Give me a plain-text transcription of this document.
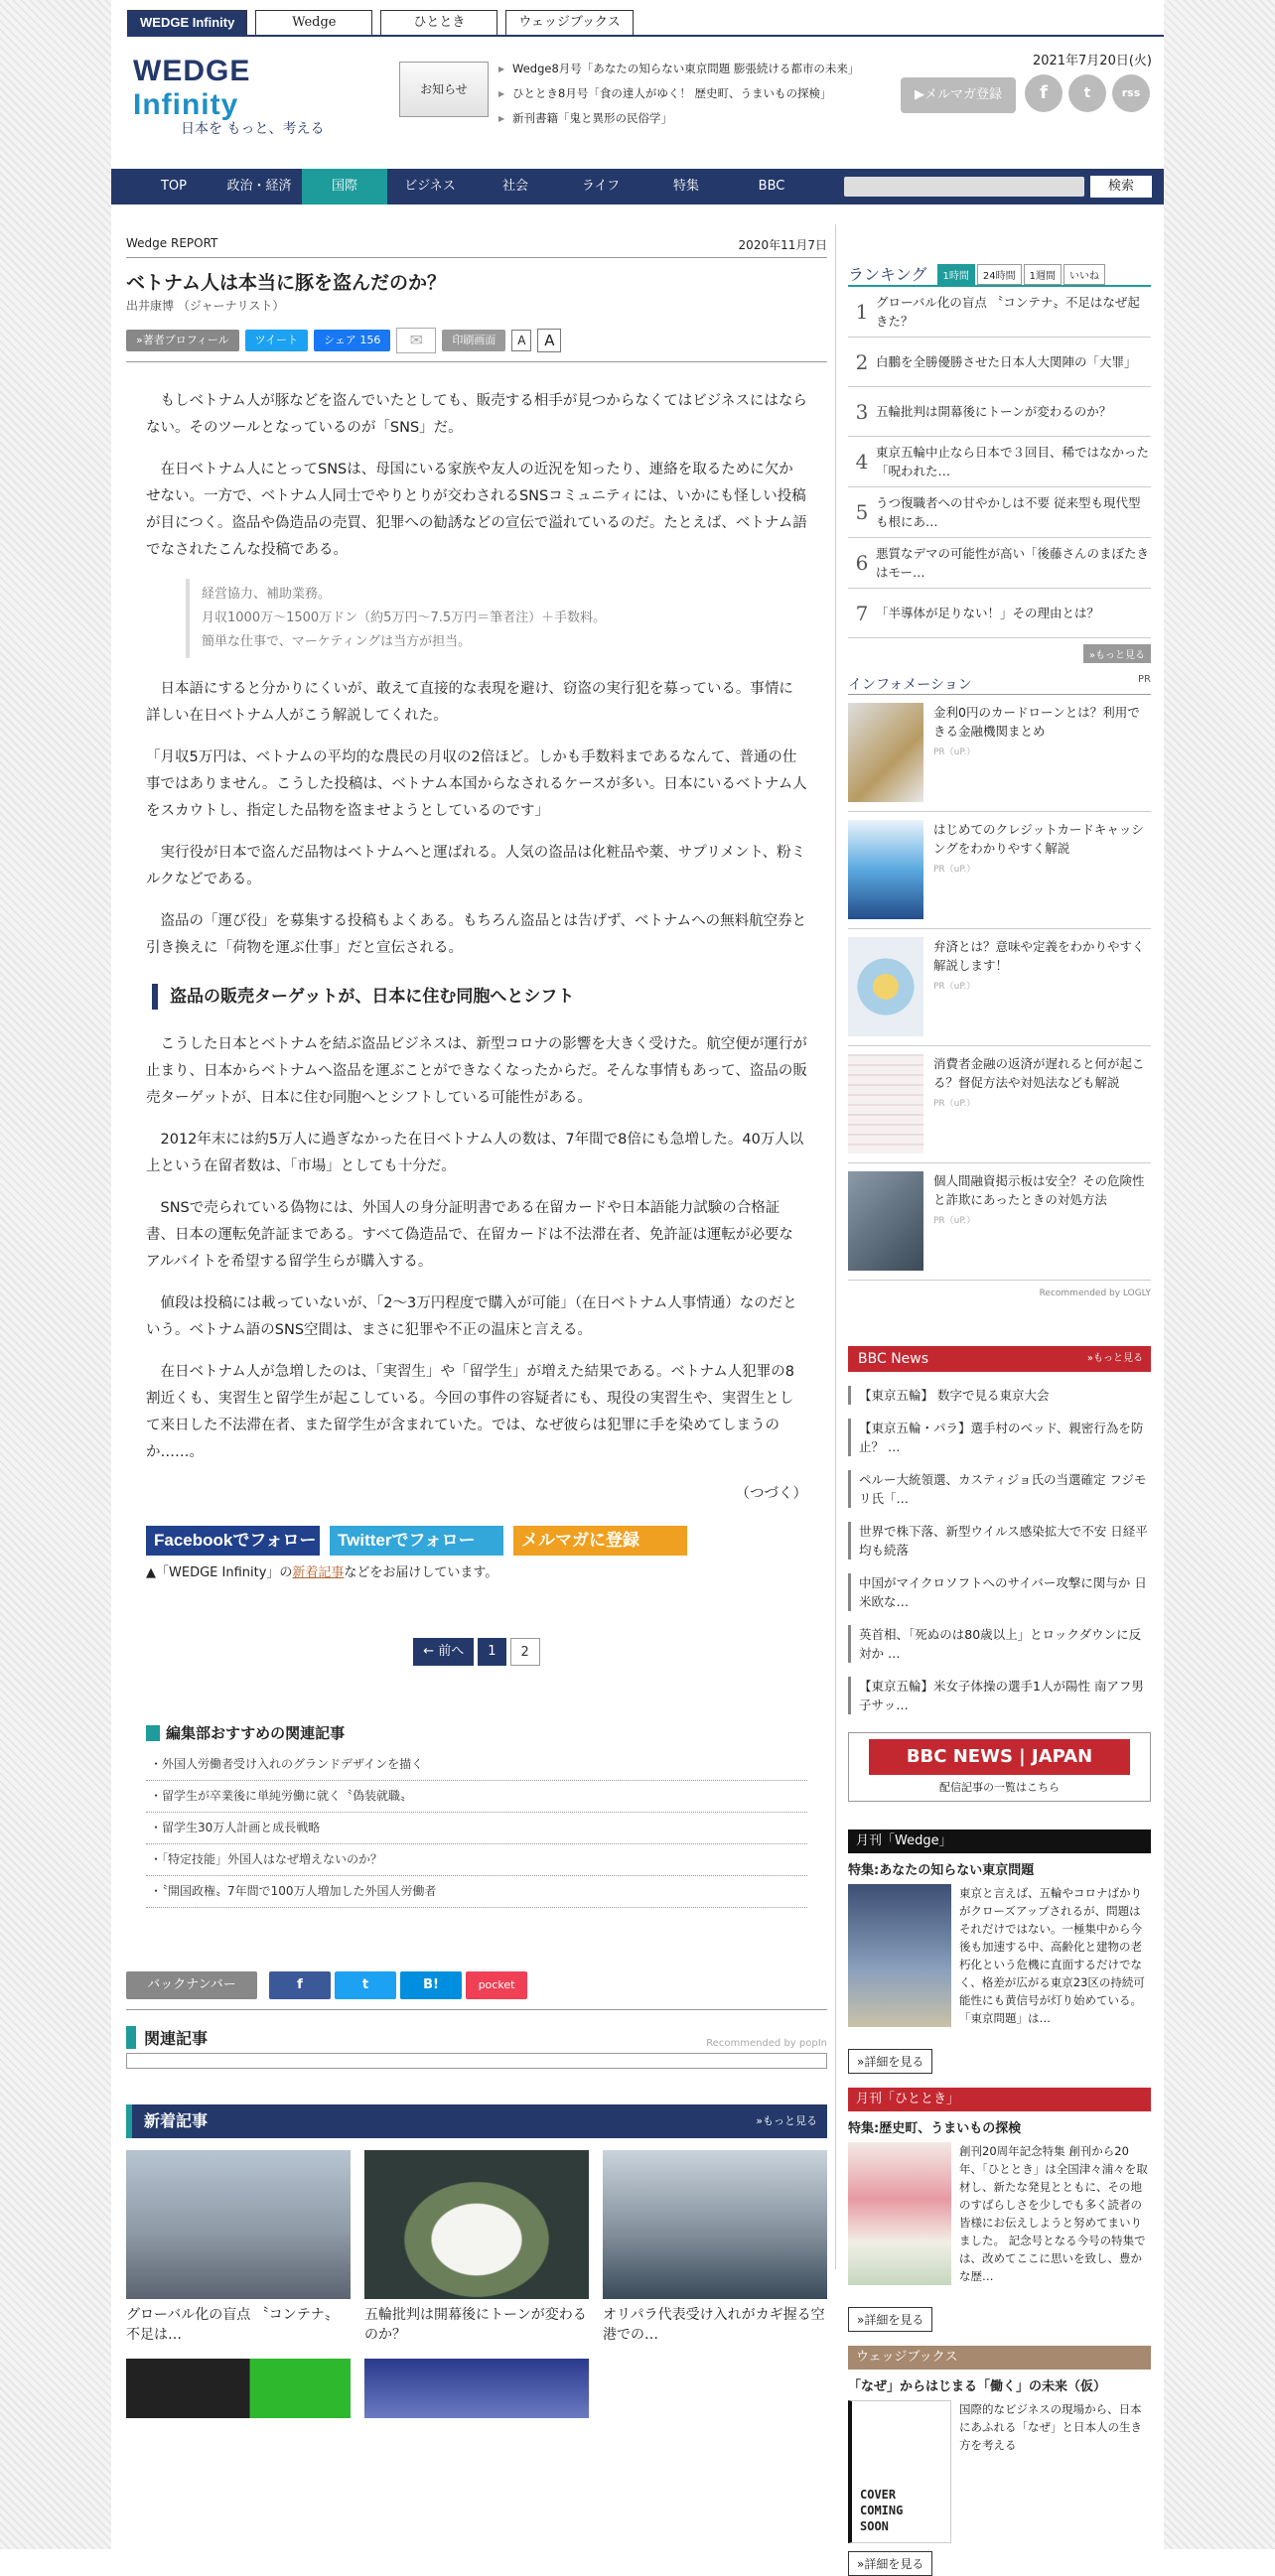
WEDGE Infinity	Wedge	ひととき	ウェッジブックス
WEDGE Infinity
日本を もっと、考える
お知らせ
▶ Wedge8月号「あなたの知らない東京問題 膨張続ける都市の未来」
▶ ひととき8月号「食の達人がゆく！ 歴史町、うまいもの探検」
▶ 新刊書籍「鬼と異形の民俗学」
2021年7月20日(火)
▶メルマガ登録	f	t	rss
TOP	政治・経済	国際	ビジネス	社会	ライフ	特集	BBC	検索
Wedge REPORT	2020年11月7日
ベトナム人は本当に豚を盗んだのか？
出井康博 （ジャーナリスト）
»著者プロフィール	ツイート	シェア 156	✉	印刷画面	A	A

もしベトナム人が豚などを盗んでいたとしても、販売する相手が見つからなくてはビジネスにはならない。そのツールとなっているのが「SNS」だ。

在日ベトナム人にとってSNSは、母国にいる家族や友人の近況を知ったり、連絡を取るために欠かせない。一方で、ベトナム人同士でやりとりが交わされるSNSコミュニティには、いかにも怪しい投稿が目につく。盗品や偽造品の売買、犯罪への勧誘などの宣伝で溢れているのだ。たとえば、ベトナム語でなされたこんな投稿である。

経営協力、補助業務。
月収1000万〜1500万ドン（約5万円〜7.5万円＝筆者注）＋手数料。
簡単な仕事で、マーケティングは当方が担当。

日本語にすると分かりにくいが、敢えて直接的な表現を避け、窃盗の実行犯を募っている。事情に詳しい在日ベトナム人がこう解説してくれた。

「月収5万円は、ベトナムの平均的な農民の月収の2倍ほど。しかも手数料まであるなんて、普通の仕事ではありません。こうした投稿は、ベトナム本国からなされるケースが多い。日本にいるベトナム人をスカウトし、指定した品物を盗ませようとしているのです」

実行役が日本で盗んだ品物はベトナムへと運ばれる。人気の盗品は化粧品や薬、サプリメント、粉ミルクなどである。

盗品の「運び役」を募集する投稿もよくある。もちろん盗品とは告げず、ベトナムへの無料航空券と引き換えに「荷物を運ぶ仕事」だと宣伝される。

盗品の販売ターゲットが、日本に住む同胞へとシフト

こうした日本とベトナムを結ぶ盗品ビジネスは、新型コロナの影響を大きく受けた。航空便が運行が止まり、日本からベトナムへ盗品を運ぶことができなくなったからだ。そんな事情もあって、盗品の販売ターゲットが、日本に住む同胞へとシフトしている可能性がある。

2012年末には約5万人に過ぎなかった在日ベトナム人の数は、7年間で8倍にも急増した。40万人以上という在留者数は、「市場」としても十分だ。

SNSで売られている偽物には、外国人の身分証明書である在留カードや日本語能力試験の合格証書、日本の運転免許証まである。すべて偽造品で、在留カードは不法滞在者、免許証は運転が必要なアルバイトを希望する留学生らが購入する。

値段は投稿には載っていないが、「2〜3万円程度で購入が可能」（在日ベトナム人事情通）なのだという。ベトナム語のSNS空間は、まさに犯罪や不正の温床と言える。

在日ベトナム人が急増したのは、「実習生」や「留学生」が増えた結果である。ベトナム人犯罪の8割近くも、実習生と留学生が起こしている。今回の事件の容疑者にも、現役の実習生や、実習生として来日した不法滞在者、また留学生が含まれていた。では、なぜ彼らは犯罪に手を染めてしまうのか……。

（つづく）
Facebookでフォロー	Twitterでフォロー	メルマガに登録
▲「WEDGE Infinity」の新着記事などをお届けしています。
← 前へ	1	2
編集部おすすめの関連記事
・外国人労働者受け入れのグランドデザインを描く
・留学生が卒業後に単純労働に就く〝偽装就職〟
・留学生30万人計画と成長戦略
・「特定技能」外国人はなぜ増えないのか？
・〝開国政権〟7年間で100万人増加した外国人労働者
バックナンバー	f	t	B!	pocket
関連記事	Recommended by popIn
新着記事	»もっと見る

グローバル化の盲点 〝コンテナ〟不足は…

五輪批判は開幕後にトーンが変わるのか？

オリパラ代表受け入れがカギ握る空港での…

ランキング	1時間	24時間	1週間	いいね
1 グローバル化の盲点 〝コンテナ〟不足はなぜ起きた？
2 白鵬を全勝優勝させた日本人大関陣の「大罪」
3 五輪批判は開幕後にトーンが変わるのか？
4 東京五輪中止なら日本で３回目、稀ではなかった「呪われた…
5 うつ復職者への甘やかしは不要 従来型も現代型も根にあ…
6 悪質なデマの可能性が高い「後藤さんのまぼたきはモー…
7 「半導体が足りない！」その理由とは？
»もっと見る
インフォメーション	PR
金利0円のカードローンとは？利用できる金融機関まとめ
PR（uP.）
はじめてのクレジットカードキャッシングをわかりやすく解説
PR（uP.）
弁済とは？意味や定義をわかりやすく解説します！
PR（uP.）
消費者金融の返済が遅れると何が起こる？督促方法や対処法なども解説
PR（uP.）
個人間融資掲示板は安全？その危険性と詐欺にあったときの対処方法
PR（uP.）
Recommended by LOGLY
BBC News	»もっと見る
【東京五輪】 数字で見る東京大会
【東京五輪・パラ】選手村のベッド、親密行為を防止？ …
ペルー大統領選、カスティジョ氏の当選確定 フジモリ氏「…
世界で株下落、新型ウイルス感染拡大で不安 日経平均も続落
中国がマイクロソフトへのサイバー攻撃に関与か 日米欧な…
英首相、「死ぬのは80歳以上」とロックダウンに反対か …
【東京五輪】米女子体操の選手1人が陽性 南アフ男子サッ…
BBC NEWS | JAPAN
配信記事の一覧はこちら
月刊「Wedge」
特集:あなたの知らない東京問題
東京と言えば、五輪やコロナばかりがクローズアップされるが、問題はそれだけではない。一極集中から今後も加速する中、高齢化と建物の老朽化という危機に直面するだけでなく、格差が広がる東京23区の持続可能性にも黄信号が灯り始めている。「東京問題」は…
»詳細を見る
月刊「ひととき」
特集:歴史町、うまいもの探検
創刊20周年記念特集 創刊から20年、「ひととき」は全国津々浦々を取材し、新たな発見とともに、その地のすばらしさを少しでも多く読者の皆様にお伝えしようと努めてまいりました。 記念号となる今号の特集では、改めてここに思いを致し、豊かな歴…
»詳細を見る
ウェッジブックス
「なぜ」からはじまる「働く」の未来（仮）
COVER COMING SOON
国際的なビジネスの現場から、日本にあふれる「なぜ」と日本人の生き方を考える
»詳細を見る
